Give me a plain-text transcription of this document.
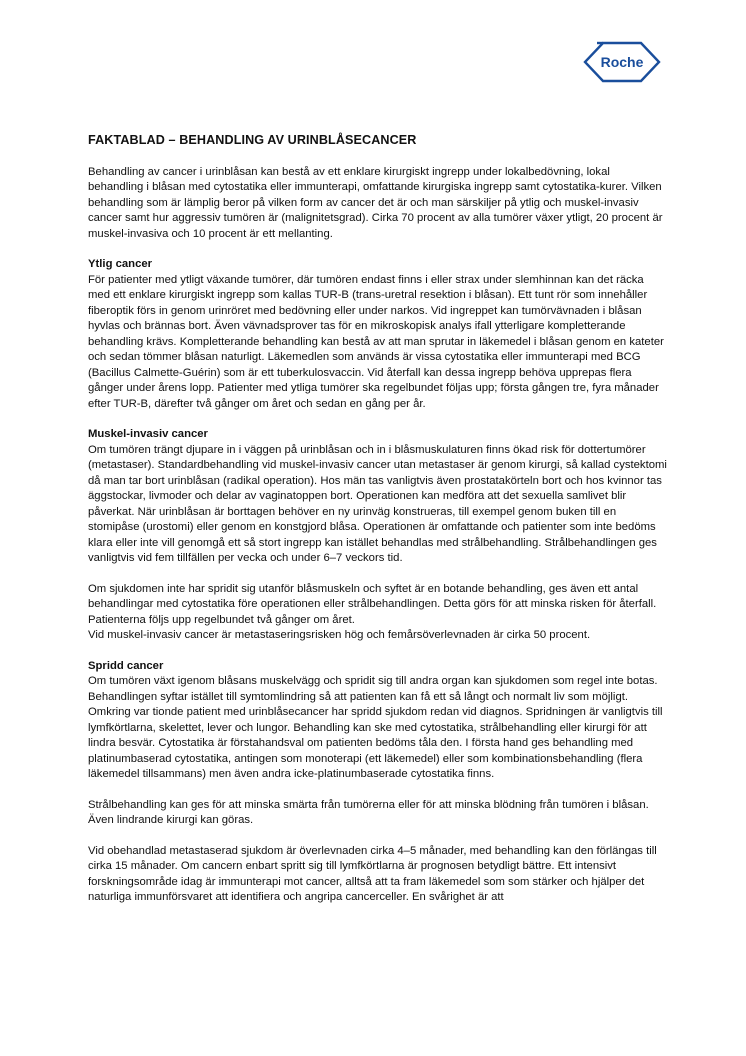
Roche
FAKTABLAD – BEHANDLING AV URINBLÅSECANCER

Behandling av cancer i urinblåsan kan bestå av ett enklare kirurgiskt ingrepp under lokalbedövning, lokal behandling i blåsan med cytostatika eller immunterapi, omfattande kirurgiska ingrepp samt cytostatika-kurer. Vilken behandling som är lämplig beror på vilken form av cancer det är och man särskiljer på ytlig och muskel-invasiv cancer samt hur aggressiv tumören är (malignitetsgrad). Cirka 70 procent av alla tumörer växer ytligt, 20 procent är muskel-invasiva och 10 procent är ett mellanting.

Ytlig cancer

För patienter med ytligt växande tumörer, där tumören endast finns i eller strax under slemhinnan kan det räcka med ett enklare kirurgiskt ingrepp som kallas TUR-B (trans-uretral resektion i blåsan). Ett tunt rör som innehåller fiberoptik förs in genom urinröret med bedövning eller under narkos. Vid ingreppet kan tumörvävnaden i blåsan hyvlas och brännas bort. Även vävnadsprover tas för en mikroskopisk analys ifall ytterligare kompletterande behandling krävs. Kompletterande behandling kan bestå av att man sprutar in läkemedel i blåsan genom en kateter och sedan tömmer blåsan naturligt. Läkemedlen som används är vissa cytostatika eller immunterapi med BCG (Bacillus Calmette-Guérin) som är ett tuberkulosvaccin. Vid återfall kan dessa ingrepp behöva upprepas flera gånger under årens lopp. Patienter med ytliga tumörer ska regelbundet följas upp; första gången tre, fyra månader efter TUR-B, därefter två gånger om året och sedan en gång per år.

Muskel-invasiv cancer

Om tumören trängt djupare in i väggen på urinblåsan och in i blåsmuskulaturen finns ökad risk för dottertumörer (metastaser). Standardbehandling vid muskel-invasiv cancer utan metastaser är genom kirurgi, så kallad cystektomi då man tar bort urinblåsan (radikal operation). Hos män tas vanligtvis även prostatakörteln bort och hos kvinnor tas äggstockar, livmoder och delar av vaginatoppen bort. Operationen kan medföra att det sexuella samlivet blir påverkat. När urinblåsan är borttagen behöver en ny urinväg konstrueras, till exempel genom buken till en stomipåse (urostomi) eller genom en konstgjord blåsa. Operationen är omfattande och patienter som inte bedöms klara eller inte vill genomgå ett så stort ingrepp kan istället behandlas med strålbehandling. Strålbehandlingen ges vanligtvis vid fem tillfällen per vecka och under 6–7 veckors tid.

Om sjukdomen inte har spridit sig utanför blåsmuskeln och syftet är en botande behandling, ges även ett antal behandlingar med cytostatika före operationen eller strålbehandlingen. Detta görs för att minska risken för återfall. Patienterna följs upp regelbundet två gånger om året.

Vid muskel-invasiv cancer är metastaseringsrisken hög och femårsöverlevnaden är cirka 50 procent.

Spridd cancer

Om tumören växt igenom blåsans muskelvägg och spridit sig till andra organ kan sjukdomen som regel inte botas. Behandlingen syftar istället till symtomlindring så att patienten kan få ett så långt och normalt liv som möjligt. Omkring var tionde patient med urinblåsecancer har spridd sjukdom redan vid diagnos. Spridningen är vanligtvis till lymfkörtlarna, skelettet, lever och lungor. Behandling kan ske med cytostatika, strålbehandling eller kirurgi för att lindra besvär. Cytostatika är förstahandsval om patienten bedöms tåla den. I första hand ges behandling med platinumbaserad cytostatika, antingen som monoterapi (ett läkemedel) eller som kombinationsbehandling (flera läkemedel tillsammans) men även andra icke-platinumbaserade cytostatika finns.

Strålbehandling kan ges för att minska smärta från tumörerna eller för att minska blödning från tumören i blåsan. Även lindrande kirurgi kan göras.

Vid obehandlad metastaserad sjukdom är överlevnaden cirka 4–5 månader, med behandling kan den förlängas till cirka 15 månader. Om cancern enbart spritt sig till lymfkörtlarna är prognosen betydligt bättre. Ett intensivt forskningsområde idag är immunterapi mot cancer, alltså att ta fram läkemedel som som stärker och hjälper det naturliga immunförsvaret att identifiera och angripa cancerceller. En svårighet är att
